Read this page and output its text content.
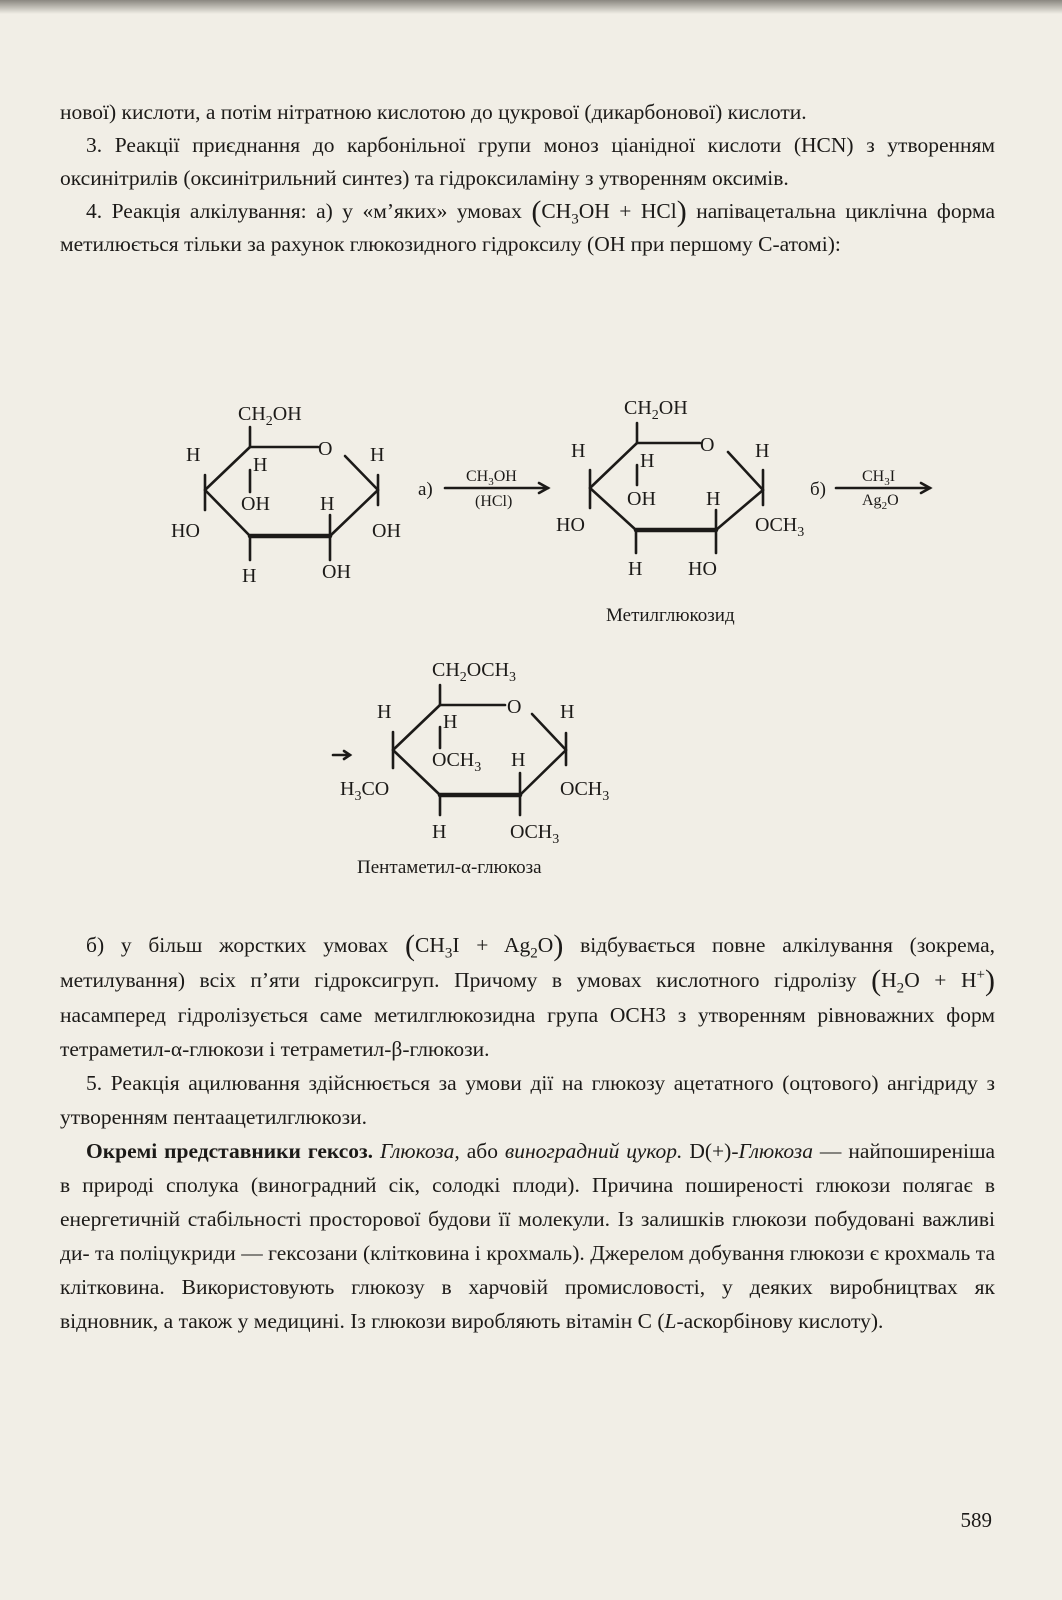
нової) кислоти, а потім нітратною кислотою до цукрової (дикарбонової) кислоти.

3. Реакції приєднання до карбонільної групи моноз ціанідної кислоти (HCN) з утворенням оксинітрилів (оксинітрильний синтез) та гідроксиламіну з утворенням оксимів.

4. Реакція алкілування: а) у «м’яких» умовах $(CH_3OH + HCl)$ напівацетальна циклічна форма метилюється тільки за рахунок глюкозидного гідроксилу (ОН при першому С-атомі):

$CH_2OH$
O
H	H	H
OH	H
HO	OH
H	OH
а)
$CH_3OH$
(HCl)
$CH_2OH$
O
H	H	H
OH	H
HO	$OCH_3$
H HO
Метилглюкозид
б)
$CH_3I$
$Ag_2O$
$CH_2OCH_3$
O
H	H	H
$OCH_3$ H
$H_3CO$	$OCH_3$
H	$OCH_3$
Пентаметил-α-глюкоза

б) у більш жорстких умовах $(CH_3I + Ag_2O)$ відбувається повне алкілування (зокрема, метилування) всіх п’яти гідроксигруп. Причому в умовах кислотного гідролізу $(H_2O + H^+)$ насамперед гідролізується саме метилглюкозидна група OCH3 з утворенням рівноважних форм тетраметил-α-глюкози і тетраметил-β-глюкози.

5. Реакція ацилювання здійснюється за умови дії на глюкозу ацетатного (оцтового) ангідриду з утворенням пентаацетилглюкози.

Окремі представники гексоз. Глюкоза, або виноградний цукор. D(+)-Глюкоза — найпоширеніша в природі сполука (виноградний сік, солодкі плоди). Причина поширеності глюкози полягає в енергетичній стабільності просторової будови її молекули. Із залишків глюкози побудовані важливі ди- та поліцукриди — гексозани (клітковина і крохмаль). Джерелом добування глюкози є крохмаль та клітковина. Використовують глюкозу в харчовій промисловості, у деяких виробництвах як відновник, а також у медицині. Із глюкози виробляють вітамін С (L-аскорбінову кислоту).

589
